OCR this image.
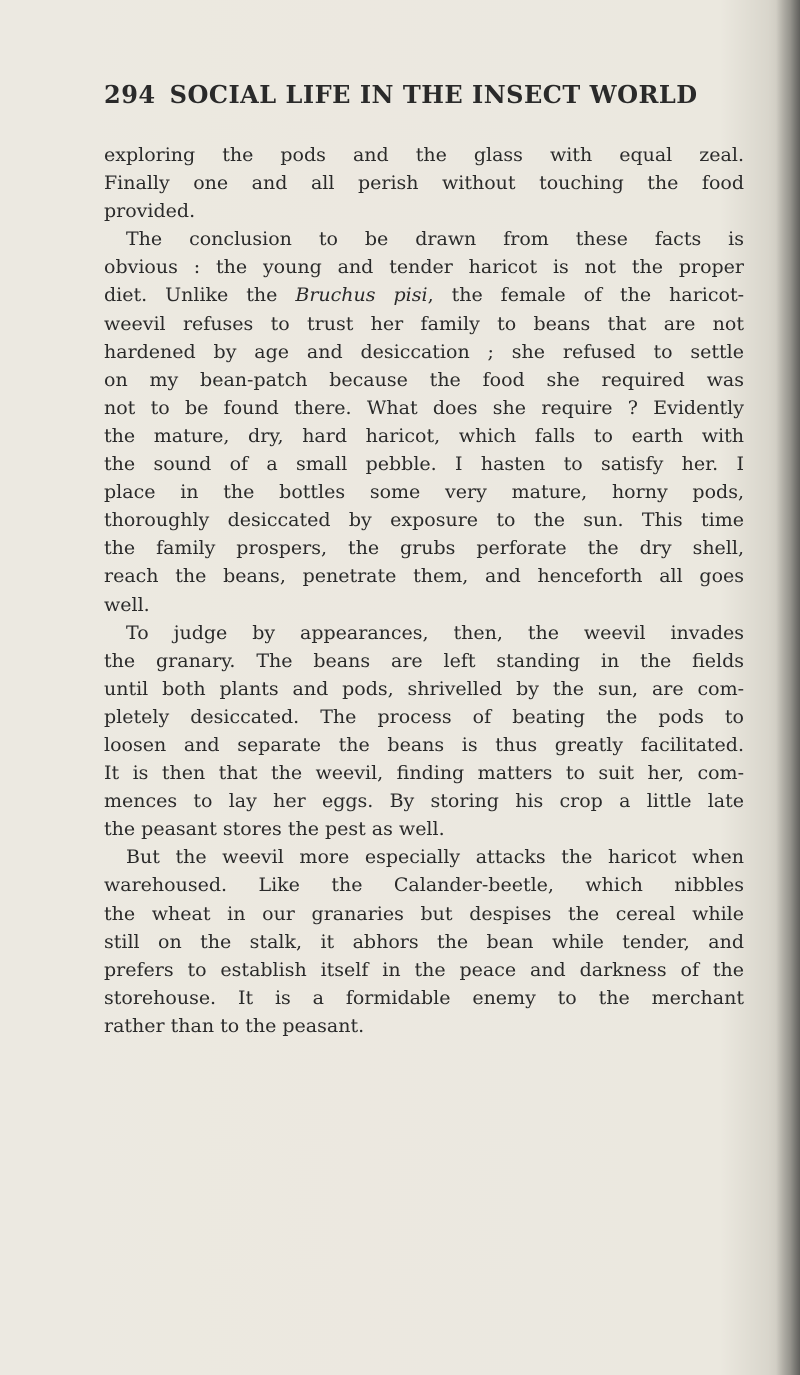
294 SOCIAL LIFE IN THE INSECT WORLD
exploring the pods and the glass with equal zeal.
Finally one and all perish without touching the food
provided.
The conclusion to be drawn from these facts is
obvious : the young and tender haricot is not the proper
diet. Unlike the Bruchus pisi, the female of the haricot-
weevil refuses to trust her family to beans that are not
hardened by age and desiccation ; she refused to settle
on my bean-patch because the food she required was
not to be found there. What does she require ? Evidently
the mature, dry, hard haricot, which falls to earth with
the sound of a small pebble. I hasten to satisfy her. I
place in the bottles some very mature, horny pods,
thoroughly desiccated by exposure to the sun. This time
the family prospers, the grubs perforate the dry shell,
reach the beans, penetrate them, and henceforth all goes
well.
To judge by appearances, then, the weevil invades
the granary. The beans are left standing in the fields
until both plants and pods, shrivelled by the sun, are com-
pletely desiccated. The process of beating the pods to
loosen and separate the beans is thus greatly facilitated.
It is then that the weevil, finding matters to suit her, com-
mences to lay her eggs. By storing his crop a little late
the peasant stores the pest as well.
But the weevil more especially attacks the haricot when
warehoused. Like the Calander-beetle, which nibbles
the wheat in our granaries but despises the cereal while
still on the stalk, it abhors the bean while tender, and
prefers to establish itself in the peace and darkness of the
storehouse. It is a formidable enemy to the merchant
rather than to the peasant.
